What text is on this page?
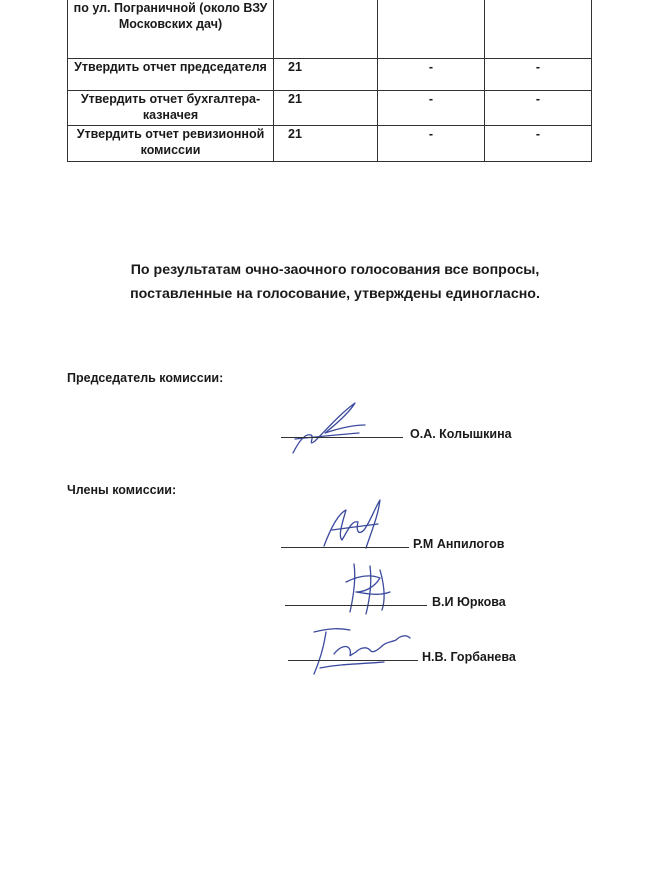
по ул. Пограничной (около ВЗУ Московских дач)			
Утвердить отчет председателя	21	-	-
Утвердить отчет бухгалтера-казначея	21	-	-
Утвердить отчет ревизионной комиссии	21	-	-
По результатам очно-заочного голосования все вопросы,
поставленные на голосование, утверждены единогласно.
Председатель комиссии:
О.А. Колышкина
Члены комиссии:
Р.М Анпилогов
В.И Юркова
Н.В. Горбанева
